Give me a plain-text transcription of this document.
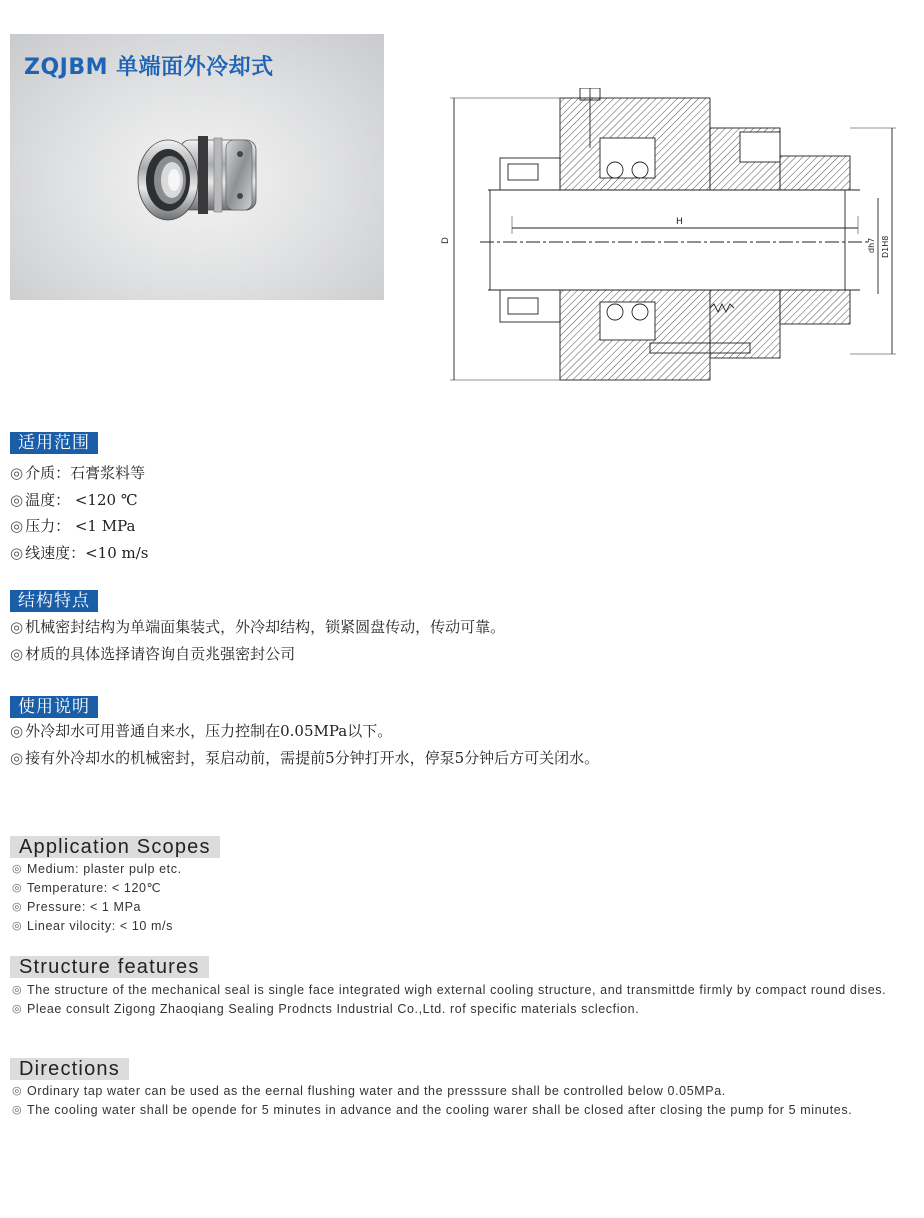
ZQJBM 单端面外冷却式
D
H
dh7 D1H8
适用范围
◎ 介质：石膏浆料等
◎ 温度： <120 ℃
◎ 压力： <1 MPa
◎ 线速度：<10 m/s
结构特点
◎ 机械密封结构为单端面集装式，外冷却结构，锁紧圆盘传动，传动可靠。
◎ 材质的具体选择请咨询自贡兆强密封公司
使用说明
◎ 外冷却水可用普通自来水，压力控制在0.05MPa以下。
◎ 接有外冷却水的机械密封，泵启动前，需提前5分钟打开水，停泵5分钟后方可关闭水。
Application Scopes
◎ Medium: plaster pulp etc.
◎ Temperature: < 120℃
◎ Pressure: < 1 MPa
◎ Linear vilocity: < 10 m/s
Structure features
◎ The structure of the mechanical seal is single face integrated wigh external cooling structure, and transmittde firmly by compact round dises.
◎ Pleae consult Zigong Zhaoqiang Sealing Prodncts Industrial Co.,Ltd. rof specific materials sclecfion.
Directions
◎ Ordinary tap water can be used as the eernal flushing water and the presssure shall be controlled below 0.05MPa.
◎ The cooling water shall be opende for 5 minutes in advance and the cooling warer shall be closed after closing the pump for 5 minutes.
